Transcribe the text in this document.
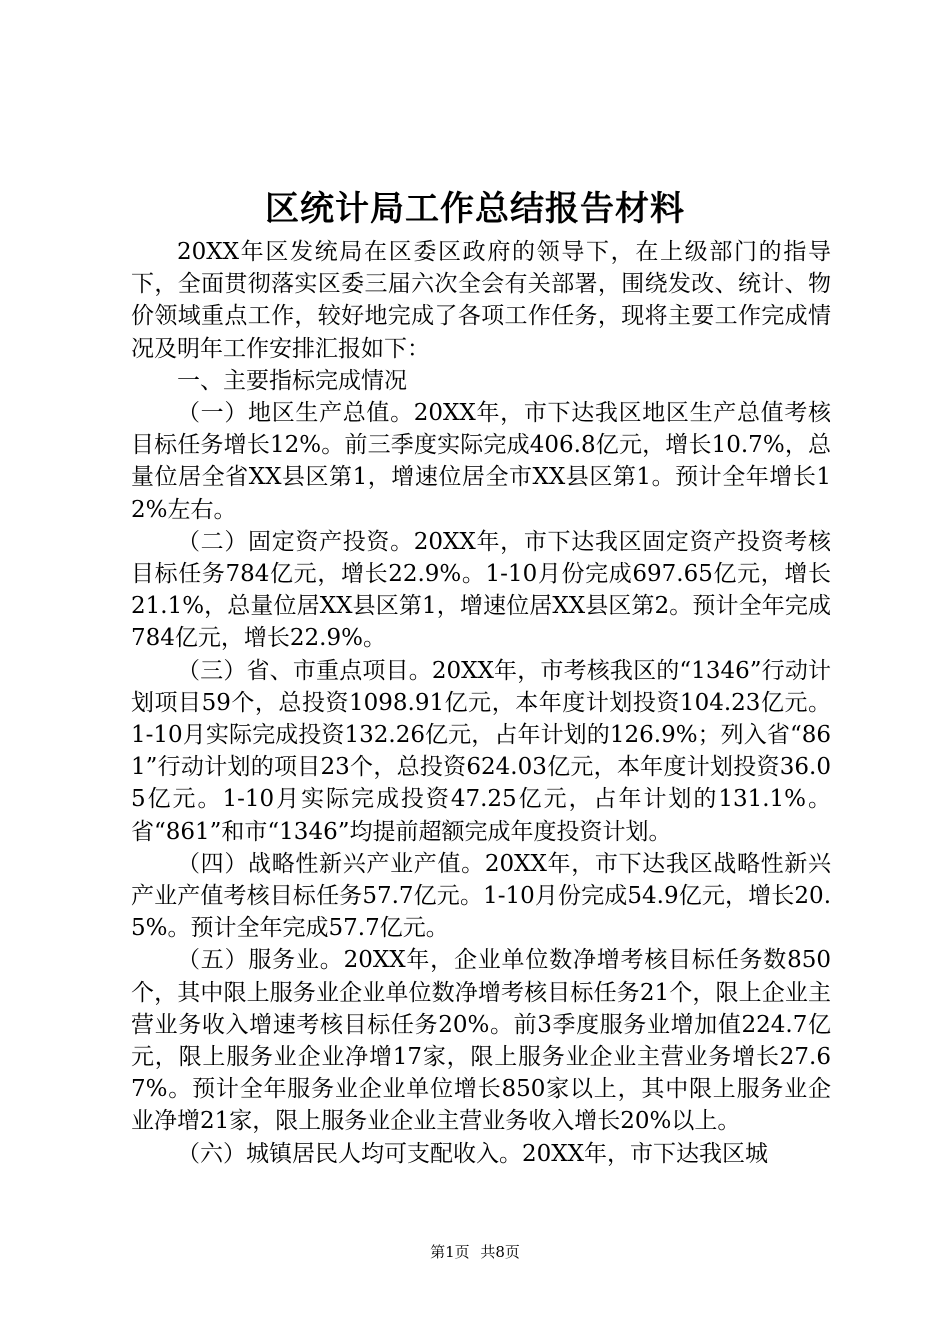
区统计局工作总结报告材料

20XX年区发统局在区委区政府的领导下，在上级部门的指导下，全面贯彻落实区委三届六次全会有关部署，围绕发改、统计、物价领域重点工作，较好地完成了各项工作任务，现将主要工作完成情况及明年工作安排汇报如下：

一、主要指标完成情况

（一）地区生产总值。20XX年，市下达我区地区生产总值考核目标任务增长12%。前三季度实际完成406.8亿元，增长10.7%，总量位居全省XX县区第1，增速位居全市XX县区第1。预计全年增长12%左右。

（二）固定资产投资。20XX年，市下达我区固定资产投资考核目标任务784亿元，增长22.9%。1-10月份完成697.65亿元，增长21.1%，总量位居XX县区第1，增速位居XX县区第2。预计全年完成784亿元，增长22.9%。

（三）省、市重点项目。20XX年，市考核我区的“1346”行动计划项目59个，总投资1098.91亿元，本年度计划投资104.23亿元。1-10月实际完成投资132.26亿元，占年计划的126.9%；列入省“861”行动计划的项目23个，总投资624.03亿元，本年度计划投资36.05亿元。1-10月实际完成投资47.25亿元，占年计划的131.1%。省“861”和市“1346”均提前超额完成年度投资计划。

（四）战略性新兴产业产值。20XX年，市下达我区战略性新兴产业产值考核目标任务57.7亿元。1-10月份完成54.9亿元，增长20.5%。预计全年完成57.7亿元。

（五）服务业。20XX年，企业单位数净增考核目标任务数850个，其中限上服务业企业单位数净增考核目标任务21个，限上企业主营业务收入增速考核目标任务20%。前3季度服务业增加值224.7亿元，限上服务业企业净增17家，限上服务业企业主营业务增长27.67%。预计全年服务业企业单位增长850家以上，其中限上服务业企业净增21家，限上服务业企业主营业务收入增长20%以上。

（六）城镇居民人均可支配收入。20XX年，市下达我区城

第1页 共8页
